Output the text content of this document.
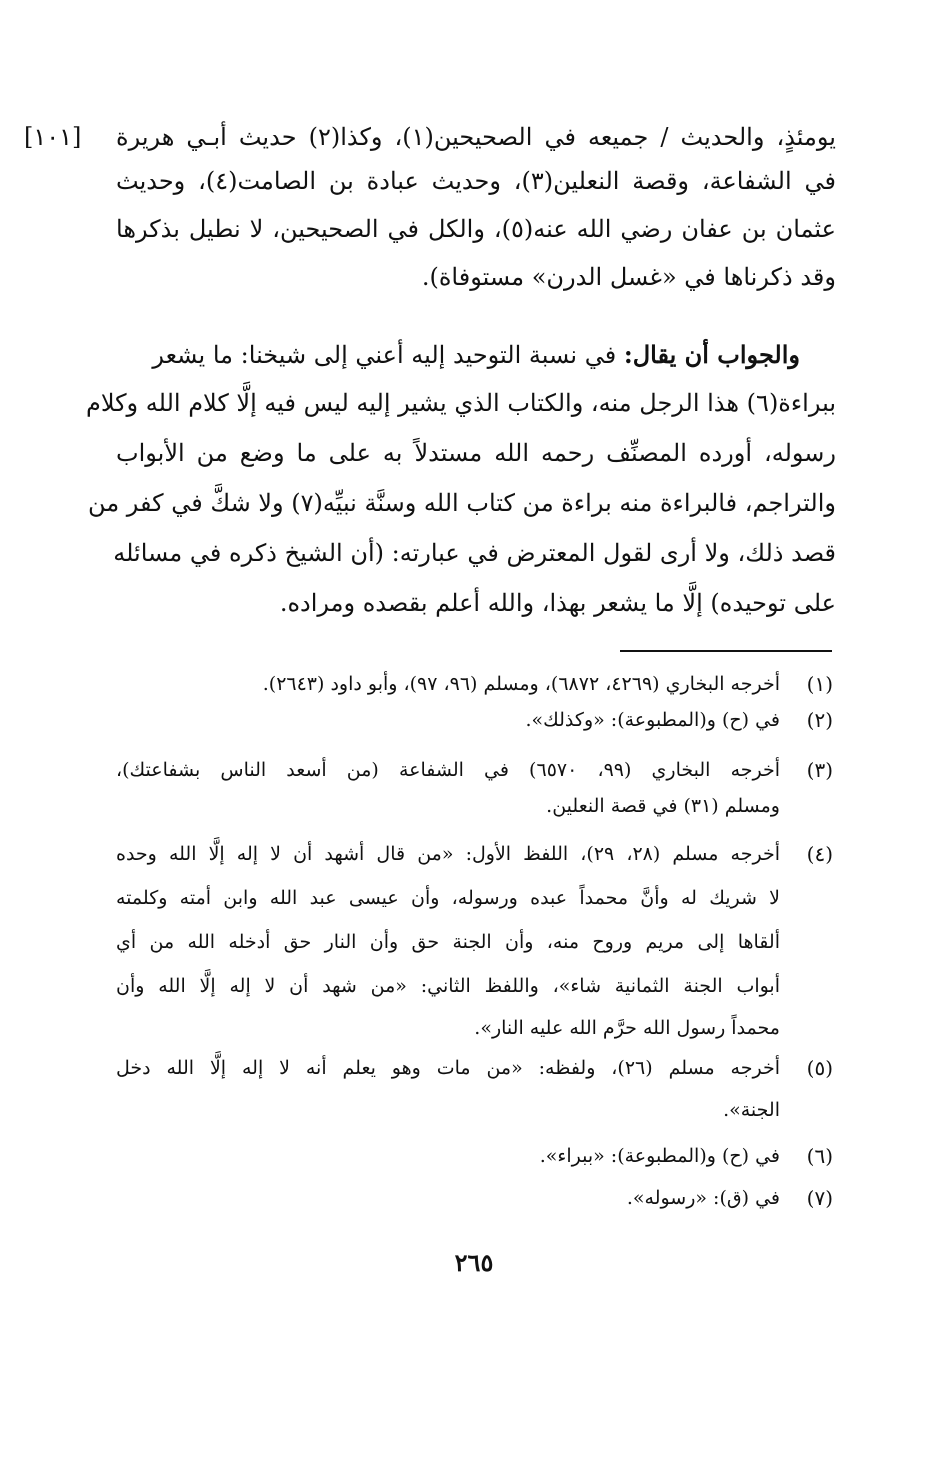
[١٠١] يومئذٍ، والحديث / جميعه في الصحيحين(١)، وكذا(٢) حديث أبـي هريرة
في الشفاعة، وقصة النعلين(٣)، وحديث عبادة بن الصامت(٤)، وحديث
عثمان بن عفان رضي الله عنه(٥)، والكل في الصحيحين، لا نطيل بذكرها
وقد ذكرناها في «غسل الدرن» مستوفاة).
والجواب أن يقال: في نسبة التوحيد إليه أعني إلى شيخنا: ما يشعر
ببراءة(٦) هذا الرجل منه، والكتاب الذي يشير إليه ليس فيه إلَّا كلام الله وكلام
رسوله، أورده المصنِّف رحمه الله مستدلاً به على ما وضع من الأبواب
والتراجم، فالبراءة منه براءة من كتاب الله وسنَّة نبيِّه(٧) ولا شكَّ في كفر من
قصد ذلك، ولا أرى لقول المعترض في عبارته: (أن الشيخ ذكره في مسائله
على توحيده) إلَّا ما يشعر بهذا، والله أعلم بقصده ومراده.
(١)
أخرجه البخاري (٤٢٦٩، ٦٨٧٢)، ومسلم (٩٦، ٩٧)، وأبو داود (٢٦٤٣).
(٢)
في (ح) و(المطبوعة): «وكذلك».
(٣)
أخرجه البخاري (٩٩، ٦٥٧٠) في الشفاعة (من أسعد الناس بشفاعتك)،
ومسلم (٣١) في قصة النعلين.
(٤)
أخرجه مسلم (٢٨، ٢٩)، اللفظ الأول: «من قال أشهد أن لا إله إلَّا الله وحده
لا شريك له وأنَّ محمداً عبده ورسوله، وأن عيسى عبد الله وابن أمته وكلمته
ألقاها إلى مريم وروح منه، وأن الجنة حق وأن النار حق أدخله الله من أي
أبواب الجنة الثمانية شاء»، واللفظ الثاني: «من شهد أن لا إله إلَّا الله وأن
محمداً رسول الله حرَّم الله عليه النار».
(٥)
أخرجه مسلم (٢٦)، ولفظه: «من مات وهو يعلم أنه لا إله إلَّا الله دخل
الجنة».
(٦)
في (ح) و(المطبوعة): «ببراء».
(٧)
في (ق): «رسوله».
٢٦٥
